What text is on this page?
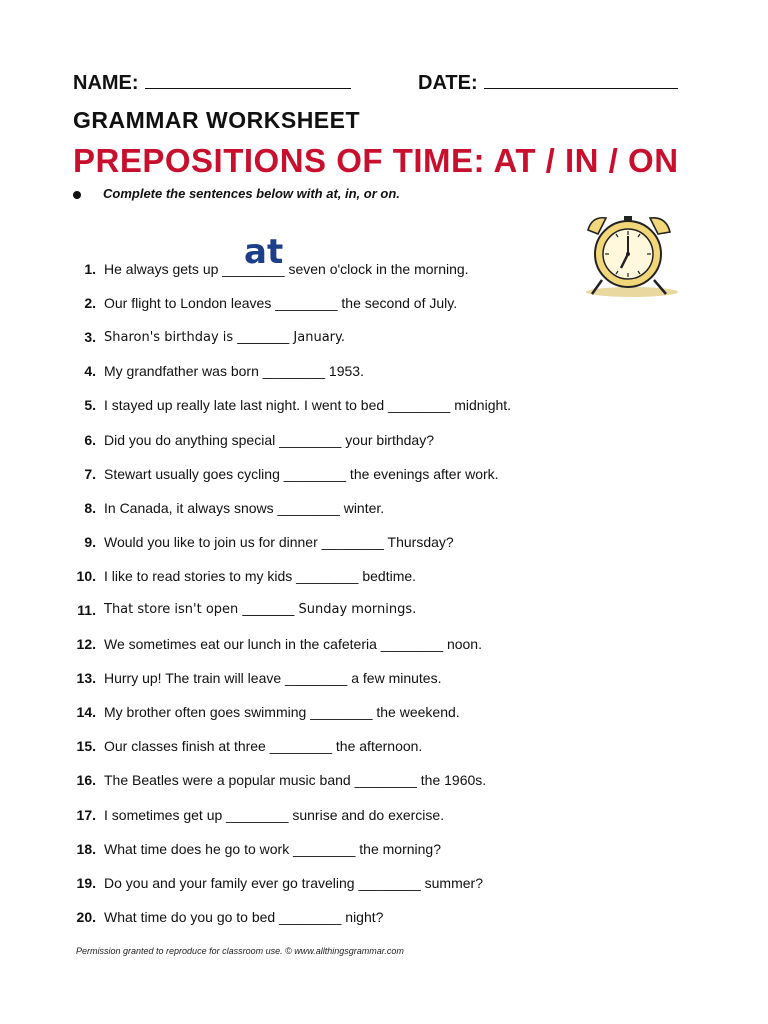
NAME:	DATE:
GRAMMAR WORKSHEET
PREPOSITIONS OF TIME: AT / IN / ON
Complete the sentences below with at, in, or on.
at
1. He always gets up ________ seven o'clock in the morning.
2. Our flight to London leaves ________ the second of July.
3. Sharon's birthday is ________ January.
4. My grandfather was born ________ 1953.
5. I stayed up really late last night. I went to bed ________ midnight.
6. Did you do anything special ________ your birthday?
7. Stewart usually goes cycling ________ the evenings after work.
8. In Canada, it always snows ________ winter.
9. Would you like to join us for dinner ________ Thursday?
10. I like to read stories to my kids ________ bedtime.
11. That store isn't open ________ Sunday mornings.
12. We sometimes eat our lunch in the cafeteria ________ noon.
13. Hurry up! The train will leave ________ a few minutes.
14. My brother often goes swimming ________ the weekend.
15. Our classes finish at three ________ the afternoon.
16. The Beatles were a popular music band ________ the 1960s.
17. I sometimes get up ________ sunrise and do exercise.
18. What time does he go to work ________ the morning?
19. Do you and your family ever go traveling ________ summer?
20. What time do you go to bed ________ night?
Permission granted to reproduce for classroom use. © www.allthingsgrammar.com
